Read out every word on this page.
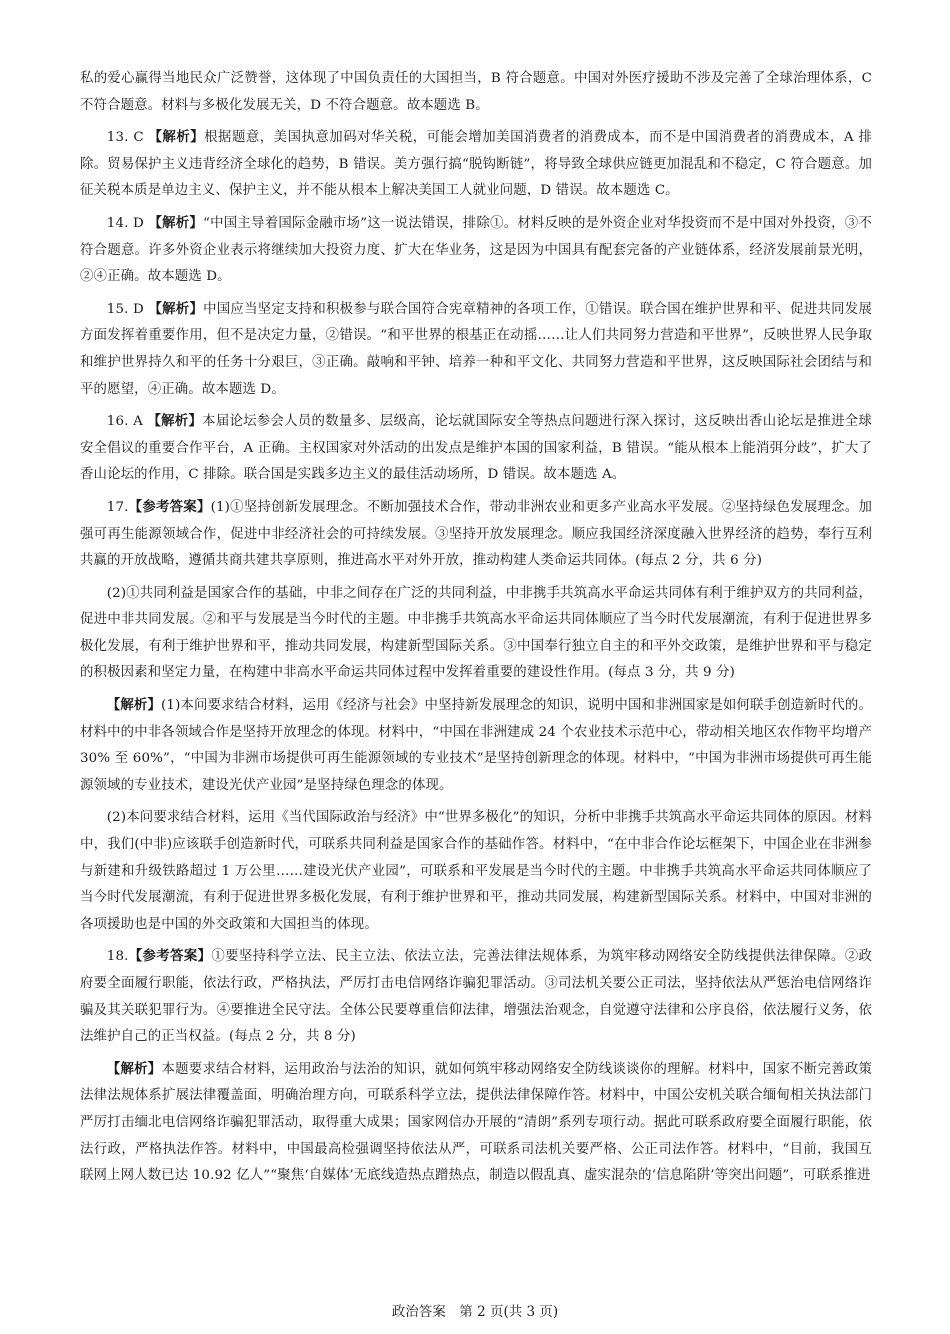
私的爱心赢得当地民众广泛赞誉，这体现了中国负责任的大国担当，B 符合题意。中国对外医疗援助不涉及完善了全球治理体系，C 不符合题意。材料与多极化发展无关，D 不符合题意。故本题选 B。

13. C 【解析】根据题意，美国执意加码对华关税，可能会增加美国消费者的消费成本，而不是中国消费者的消费成本，A 排除。贸易保护主义违背经济全球化的趋势，B 错误。美方强行搞“脱钩断链”，将导致全球供应链更加混乱和不稳定，C 符合题意。加征关税本质是单边主义、保护主义，并不能从根本上解决美国工人就业问题，D 错误。故本题选 C。

14. D 【解析】“中国主导着国际金融市场”这一说法错误，排除①。材料反映的是外资企业对华投资而不是中国对外投资，③不符合题意。许多外资企业表示将继续加大投资力度、扩大在华业务，这是因为中国具有配套完备的产业链体系，经济发展前景光明，②④正确。故本题选 D。

15. D 【解析】中国应当坚定支持和积极参与联合国符合宪章精神的各项工作，①错误。联合国在维护世界和平、促进共同发展方面发挥着重要作用，但不是决定力量，②错误。“和平世界的根基正在动摇……让人们共同努力营造和平世界”，反映世界人民争取和维护世界持久和平的任务十分艰巨，③正确。敲响和平钟、培养一种和平文化、共同努力营造和平世界，这反映国际社会团结与和平的愿望，④正确。故本题选 D。

16. A 【解析】本届论坛参会人员的数量多、层级高，论坛就国际安全等热点问题进行深入探讨，这反映出香山论坛是推进全球安全倡议的重要合作平台，A 正确。主权国家对外活动的出发点是维护本国的国家利益，B 错误。“能从根本上能消弭分歧”，扩大了香山论坛的作用，C 排除。联合国是实践多边主义的最佳活动场所，D 错误。故本题选 A。

17.【参考答案】(1)①坚持创新发展理念。不断加强技术合作，带动非洲农业和更多产业高水平发展。②坚持绿色发展理念。加强可再生能源领域合作，促进中非经济社会的可持续发展。③坚持开放发展理念。顺应我国经济深度融入世界经济的趋势，奉行互利共赢的开放战略，遵循共商共建共享原则，推进高水平对外开放，推动构建人类命运共同体。(每点 2 分，共 6 分)

(2)①共同利益是国家合作的基础，中非之间存在广泛的共同利益，中非携手共筑高水平命运共同体有利于维护双方的共同利益，促进中非共同发展。②和平与发展是当今时代的主题。中非携手共筑高水平命运共同体顺应了当今时代发展潮流，有利于促进世界多极化发展，有利于维护世界和平，推动共同发展，构建新型国际关系。③中国奉行独立自主的和平外交政策，是维护世界和平与稳定的积极因素和坚定力量，在构建中非高水平命运共同体过程中发挥着重要的建设性作用。(每点 3 分，共 9 分)

【解析】(1)本问要求结合材料，运用《经济与社会》中坚持新发展理念的知识，说明中国和非洲国家是如何联手创造新时代的。材料中的中非各领域合作是坚持开放理念的体现。材料中，“中国在非洲建成 24 个农业技术示范中心，带动相关地区农作物平均增产 30% 至 60%”，“中国为非洲市场提供可再生能源领域的专业技术”是坚持创新理念的体现。材料中，“中国为非洲市场提供可再生能源领域的专业技术，建设光伏产业园”是坚持绿色理念的体现。

(2)本问要求结合材料，运用《当代国际政治与经济》中“世界多极化”的知识，分析中非携手共筑高水平命运共同体的原因。材料中，我们(中非)应该联手创造新时代，可联系共同利益是国家合作的基础作答。材料中，“在中非合作论坛框架下，中国企业在非洲参与新建和升级铁路超过 1 万公里……建设光伏产业园”，可联系和平发展是当今时代的主题。中非携手共筑高水平命运共同体顺应了当今时代发展潮流，有利于促进世界多极化发展，有利于维护世界和平，推动共同发展，构建新型国际关系。材料中，中国对非洲的各项援助也是中国的外交政策和大国担当的体现。

18.【参考答案】①要坚持科学立法、民主立法、依法立法，完善法律法规体系，为筑牢移动网络安全防线提供法律保障。②政府要全面履行职能，依法行政，严格执法，严厉打击电信网络诈骗犯罪活动。③司法机关要公正司法，坚持依法从严惩治电信网络诈骗及其关联犯罪行为。④要推进全民守法。全体公民要尊重信仰法律，增强法治观念，自觉遵守法律和公序良俗，依法履行义务，依法维护自己的正当权益。(每点 2 分，共 8 分)

【解析】本题要求结合材料，运用政治与法治的知识，就如何筑牢移动网络安全防线谈谈你的理解。材料中，国家不断完善政策法律法规体系扩展法律覆盖面，明确治理方向，可联系科学立法，提供法律保障作答。材料中，中国公安机关联合缅甸相关执法部门严厉打击缅北电信网络诈骗犯罪活动，取得重大成果；国家网信办开展的“清朗”系列专项行动。据此可联系政府要全面履行职能，依法行政，严格执法作答。材料中，中国最高检强调坚持依法从严，可联系司法机关要严格、公正司法作答。材料中，“目前，我国互联网上网人数已达 10.92 亿人”“聚焦‘自媒体’无底线造热点蹭热点，制造以假乱真、虚实混杂的‘信息陷阱’等突出问题”，可联系推进

政治答案　第 2 页(共 3 页)
